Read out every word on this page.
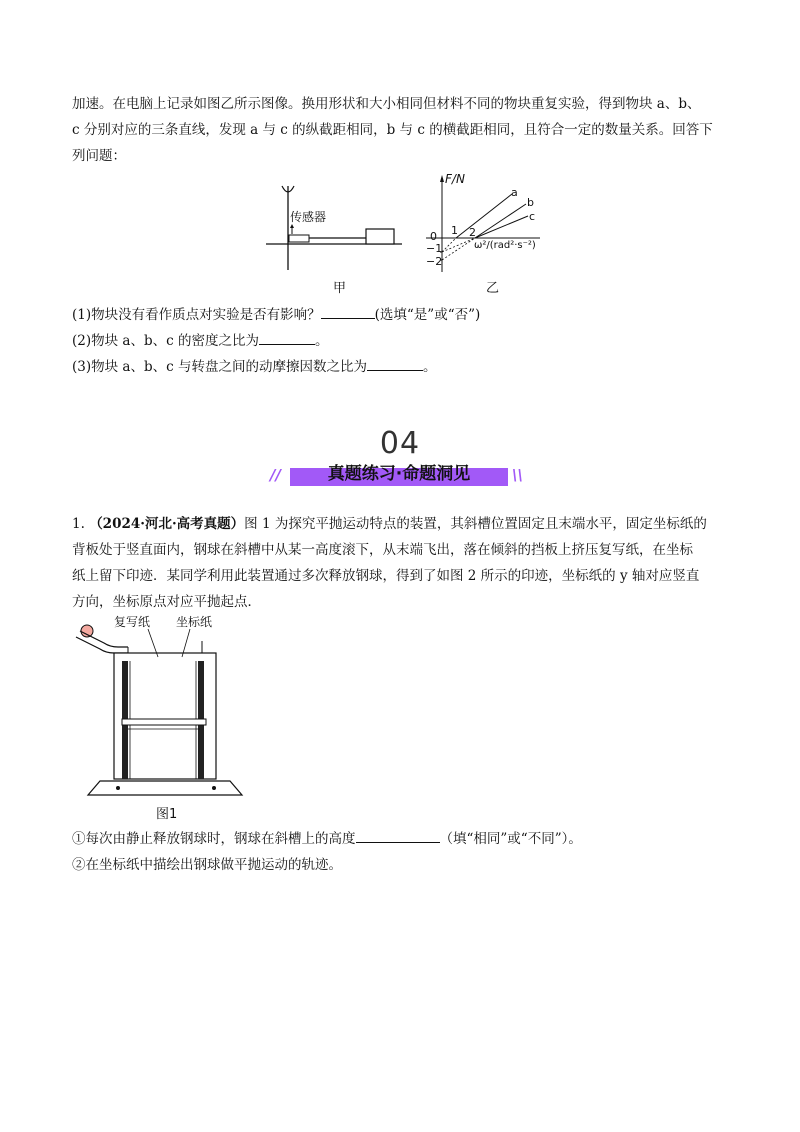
加速。在电脑上记录如图乙所示图像。换用形状和大小相同但材料不同的物块重复实验，得到物块 a、b、

c 分别对应的三条直线，发现 a 与 c 的纵截距相同，b 与 c 的横截距相同，且符合一定的数量关系。回答下

列问题：

传感器
甲
F/N
a
b
c
0 1 2
−1
−2
ω²/(rad²·s⁻²)
乙

(1)物块没有看作质点对实验是否有影响？	(选填“是”或“否”)

(2)物块 a、b、c 的密度之比为	。

(3)物块 a、b、c 与转盘之间的动摩擦因数之比为	。

04
//	真题练习·命题洞见	\\

1. （2024·河北·高考真题）图 1 为探究平抛运动特点的装置，其斜槽位置固定且末端水平，固定坐标纸的

背板处于竖直面内，钢球在斜槽中从某一高度滚下，从末端飞出，落在倾斜的挡板上挤压复写纸，在坐标

纸上留下印迹．某同学利用此装置通过多次释放钢球，得到了如图 2 所示的印迹，坐标纸的 y 轴对应竖直

方向，坐标原点对应平抛起点．

复写纸 坐标纸
图1

①每次由静止释放钢球时，钢球在斜槽上的高度	（填“相同”或“不同”）。

②在坐标纸中描绘出钢球做平抛运动的轨迹。
